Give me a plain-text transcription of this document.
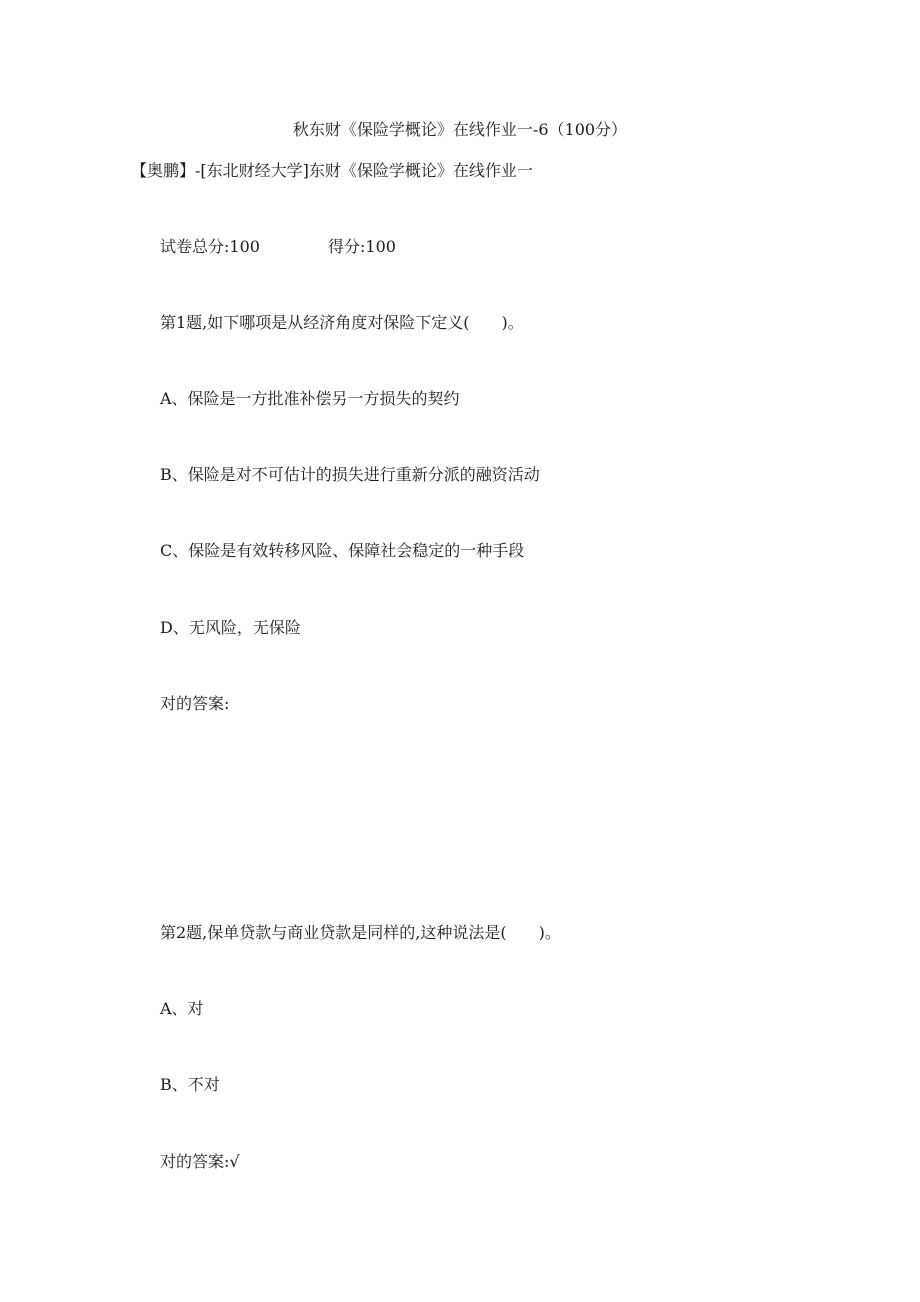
秋东财《保险学概论》在线作业一-6（100分）
【奥鹏】-[东北财经大学]东财《保险学概论》在线作业一
试卷总分:100	得分:100
第1题,如下哪项是从经济角度对保险下定义(　　)。
A、保险是一方批准补偿另一方损失的契约
B、保险是对不可估计的损失进行重新分派的融资活动
C、保险是有效转移风险、保障社会稳定的一种手段
D、无风险，无保险
对的答案:
第2题,保单贷款与商业贷款是同样的,这种说法是(　　)。
A、对
B、不对
对的答案:√
